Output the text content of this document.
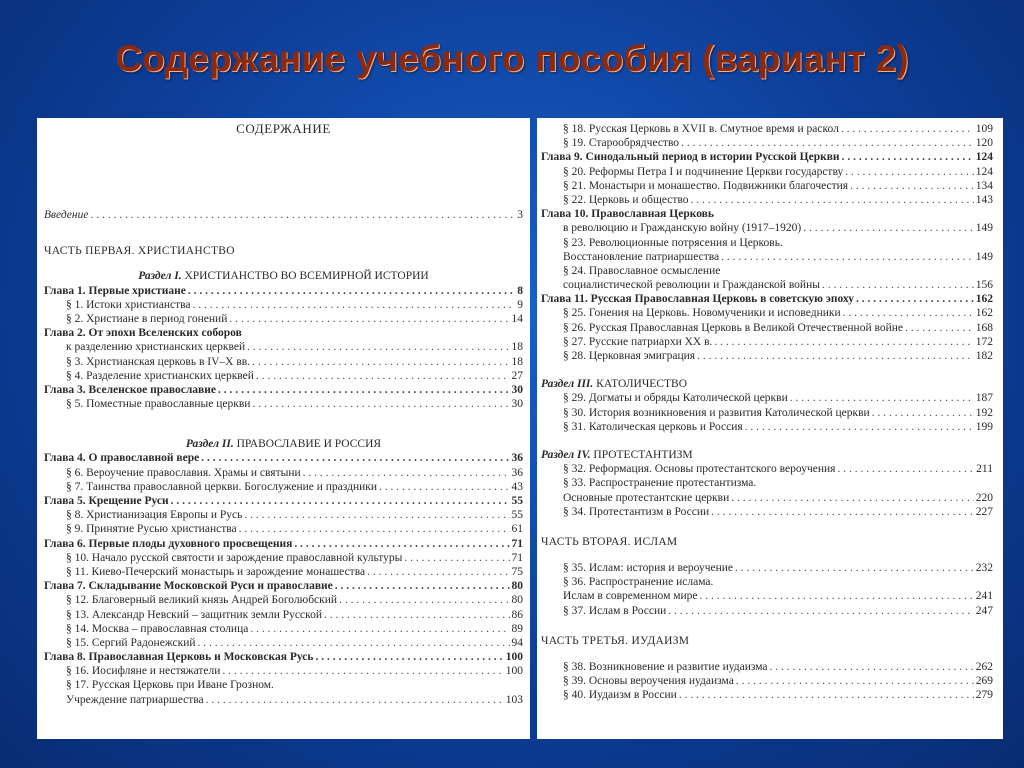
Содержание учебного пособия (вариант 2)
СОДЕРЖАНИЕ
Введение . . .	3
ЧАСТЬ ПЕРВАЯ. ХРИСТИАНСТВО
Раздел I. ХРИСТИАНСТВО ВО ВСЕМИРНОЙ ИСТОРИИ
Глава 1. Первые христиане . . .	8
§ 1. Истоки христианства . . .	9
§ 2. Христиане в период гонений . . .	14
Глава 2. От эпохи Вселенских соборов
к разделению христианских церквей . . .	18
§ 3. Христианская церковь в IV–X вв. . . .	18
§ 4. Разделение христианских церквей . . .	27
Глава 3. Вселенское православие . . .	30
§ 5. Поместные православные церкви . . .	30
Раздел II. ПРАВОСЛАВИЕ И РОССИЯ
Глава 4. О православной вере . . .	36
§ 6. Вероучение православия. Храмы и святыни . . .	36
§ 7. Таинства православной церкви. Богослужение и праздники . . .	43
Глава 5. Крещение Руси . . .	55
§ 8. Христианизация Европы и Русь . . .	55
§ 9. Принятие Русью христианства . . .	61
Глава 6. Первые плоды духовного просвещения . . .	71
§ 10. Начало русской святости и зарождение православной культуры . . .	71
§ 11. Киево-Печерский монастырь и зарождение монашества . . .	75
Глава 7. Складывание Московской Руси и православие . . .	80
§ 12. Благоверный великий князь Андрей Боголюбский . . .	80
§ 13. Александр Невский – защитник земли Русской . . .	86
§ 14. Москва – православная столица . . .	89
§ 15. Сергий Радонежский . . .	94
Глава 8. Православная Церковь и Московская Русь . . .	100
§ 16. Иосифляне и нестяжатели . . .	100
§ 17. Русская Церковь при Иване Грозном.
Учреждение патриаршества . . .	103
§ 18. Русская Церковь в XVII в. Смутное время и раскол . . .	109
§ 19. Старообрядчество . . .	120
Глава 9. Синодальный период в истории Русской Церкви . . .	124
§ 20. Реформы Петра I и подчинение Церкви государству . . .	124
§ 21. Монастыри и монашество. Подвижники благочестия . . .	134
§ 22. Церковь и общество . . .	143
Глава 10. Православная Церковь
в революцию и Гражданскую войну (1917–1920) . . .	149
§ 23. Революционные потрясения и Церковь.
Восстановление патриаршества . . .	149
§ 24. Православное осмысление
социалистической революции и Гражданской войны . . .	156
Глава 11. Русская Православная Церковь в советскую эпоху . . .	162
§ 25. Гонения на Церковь. Новомученики и исповедники . . .	162
§ 26. Русская Православная Церковь в Великой Отечественной войне . . .	168
§ 27. Русские патриархи XX в. . . .	172
§ 28. Церковная эмиграция . . .	182
Раздел III. КАТОЛИЧЕСТВО
§ 29. Догматы и обряды Католической церкви . . .	187
§ 30. История возникновения и развития Католической церкви . . .	192
§ 31. Католическая церковь и Россия . . .	199
Раздел IV. ПРОТЕСТАНТИЗМ
§ 32. Реформация. Основы протестантского вероучения . . .	211
§ 33. Распространение протестантизма.
Основные протестантские церкви . . .	220
§ 34. Протестантизм в России . . .	227
ЧАСТЬ ВТОРАЯ. ИСЛАМ
§ 35. Ислам: история и вероучение . . .	232
§ 36. Распространение ислама.
Ислам в современном мире . . .	241
§ 37. Ислам в России . . .	247
ЧАСТЬ ТРЕТЬЯ. ИУДАИЗМ
§ 38. Возникновение и развитие иудаизма . . .	262
§ 39. Основы вероучения иудаизма . . .	269
§ 40. Иудаизм в России . . .	279
